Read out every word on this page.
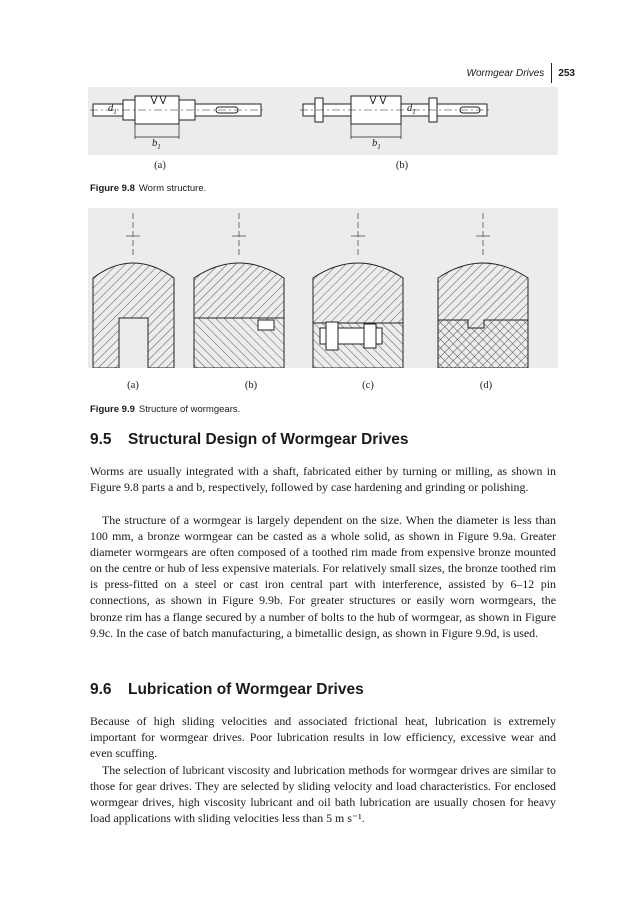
Wormgear Drives 253
$d_1$
$b_1$
$d_1$
$b_1$
(a)	(b)
Figure 9.8 Worm structure.
(a)	(b)	(c)	(d)
Figure 9.9 Structure of wormgears.
9.5 Structural Design of Wormgear Drives

Worms are usually integrated with a shaft, fabricated either by turning or milling, as shown in Figure 9.8 parts a and b, respectively, followed by case hardening and grinding or polishing.

The structure of a wormgear is largely dependent on the size. When the diameter is less than 100 mm, a bronze wormgear can be casted as a whole solid, as shown in Figure 9.9a. Greater diameter wormgears are often composed of a toothed rim made from expensive bronze mounted on the centre or hub of less expensive materials. For relatively small sizes, the bronze toothed rim is press-fitted on a steel or cast iron central part with interference, assisted by 6–12 pin connections, as shown in Figure 9.9b. For greater structures or easily worn wormgears, the bronze rim has a flange secured by a number of bolts to the hub of wormgear, as shown in Figure 9.9c. In the case of batch manufacturing, a bimetallic design, as shown in Figure 9.9d, is used.

9.6 Lubrication of Wormgear Drives

Because of high sliding velocities and associated frictional heat, lubrication is extremely important for wormgear drives. Poor lubrication results in low efficiency, excessive wear and even scuffing.

The selection of lubricant viscosity and lubrication methods for wormgear drives are similar to those for gear drives. They are selected by sliding velocity and load characteristics. For enclosed wormgear drives, high viscosity lubricant and oil bath lubrication are usually chosen for heavy load applications with sliding velocities less than 5 m s⁻¹.
